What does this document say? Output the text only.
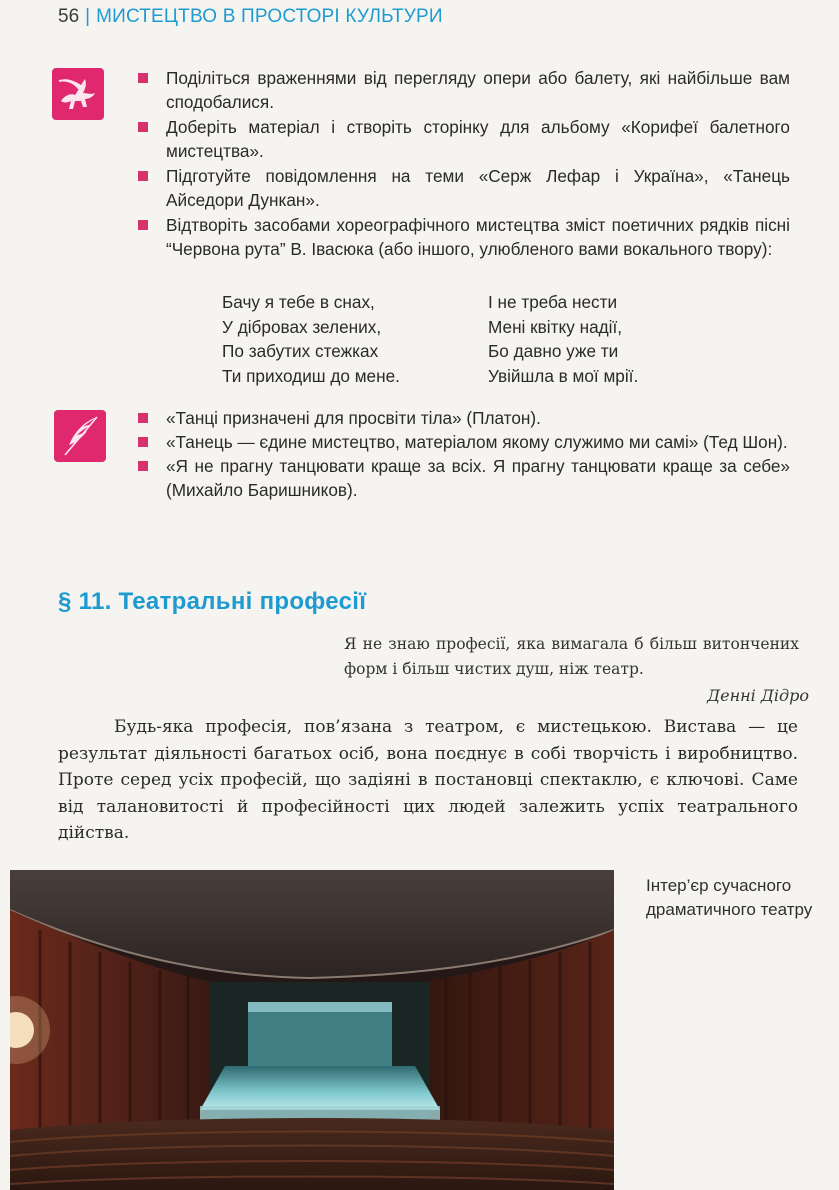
56 | МИСТЕЦТВО В ПРОСТОРІ КУЛЬТУРИ
Поділіться враженнями від перегляду опери або балету, які найбільше вам сподобалися.
Доберіть матеріал і створіть сторінку для альбому «Корифеї балетного мистецтва».
Підготуйте повідомлення на теми «Серж Лефар і Україна», «Танець Айседори Дункан».
Відтворіть засобами хореографічного мистецтва зміст поетичних рядків пісні “Червона рута” В. Івасюка (або іншого, улюбленого вами вокального твору):
Бачу я тебе в снах,
У дібровах зелених,
По забутих стежках
Ти приходиш до мене.
І не треба нести
Мені квітку надії,
Бо давно уже ти
Увійшла в мої мрії.
«Танці призначені для просвіти тіла» (Платон).
«Танець — єдине мистецтво, матеріалом якому служимо ми самі» (Тед Шон).
«Я не прагну танцювати краще за всіх. Я прагну танцювати краще за себе» (Михайло Баришников).
§ 11. Театральні професії
Я не знаю професії, яка вимагала б більш витончених форм і більш чистих душ, ніж театр.
Денні Дідро

Будь-яка професія, пов’язана з театром, є мистецькою. Вистава — це результат діяльності багатьох осіб, вона поєднує в собі творчість і виробництво. Проте серед усіх професій, що задіяні в постановці спектаклю, є ключові. Саме від талановитості й професійності цих людей залежить успіх театрального дійства.

Інтер’єр сучасного драматичного театру
